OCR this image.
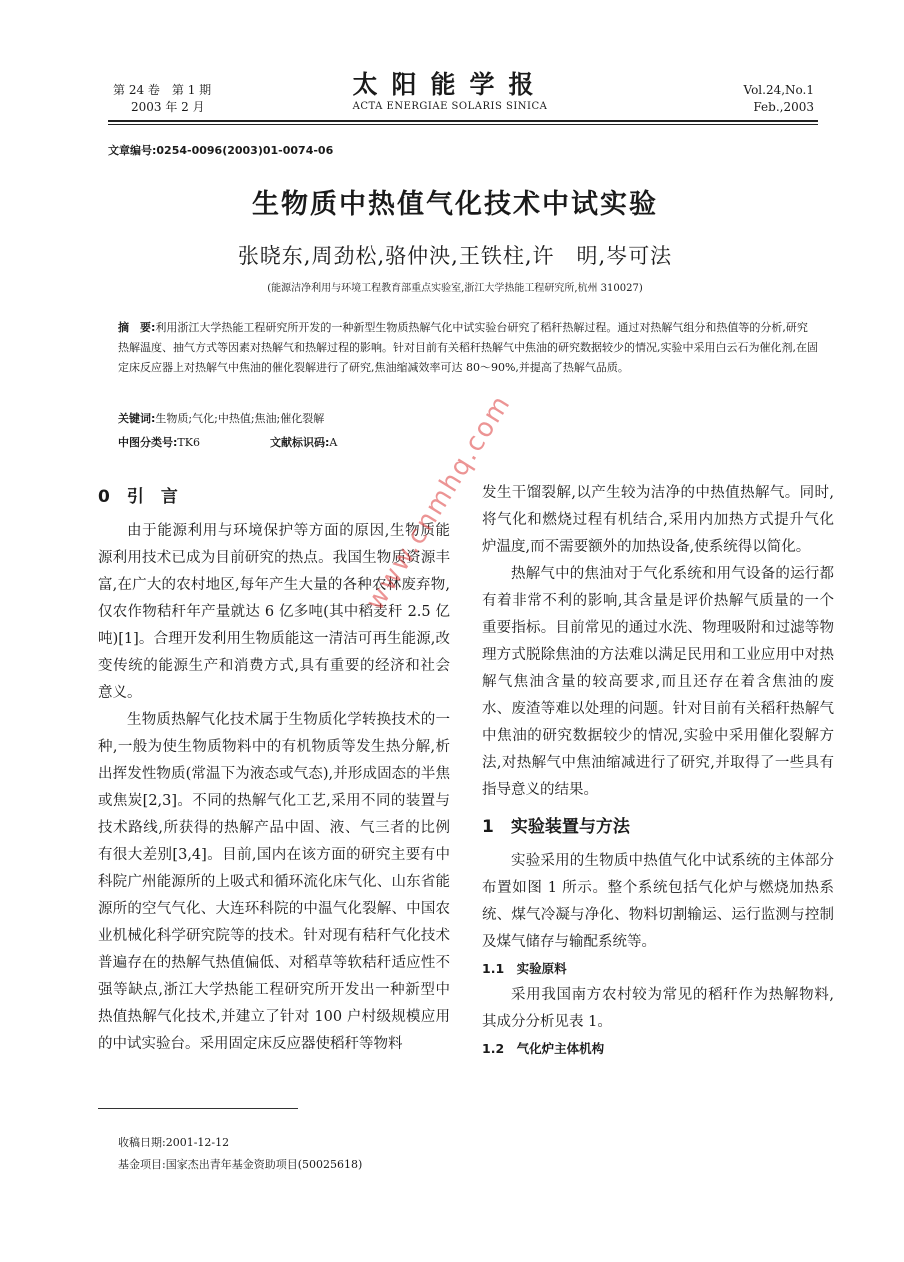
第 24 卷　第 1 期
2003 年 2 月
太阳能学报
ACTA ENERGIAE SOLARIS SINICA
Vol.24,No.1
Feb.,2003
文章编号:0254-0096(2003)01-0074-06
生物质中热值气化技术中试实验
张晓东,周劲松,骆仲泱,王铁柱,许　明,岑可法
(能源洁净利用与环境工程教育部重点实验室,浙江大学热能工程研究所,杭州 310027)
摘　要:利用浙江大学热能工程研究所开发的一种新型生物质热解气化中试实验台研究了稻秆热解过程。通过对热解气组分和热值等的分析,研究热解温度、抽气方式等因素对热解气和热解过程的影响。针对目前有关稻秆热解气中焦油的研究数据较少的情况,实验中采用白云石为催化剂,在固定床反应器上对热解气中焦油的催化裂解进行了研究,焦油缩减效率可达 80～90%,并提高了热解气品质。
关键词:生物质;气化;中热值;焦油;催化裂解
中图分类号:TK6	文献标识码:A
0　引　言

由于能源利用与环境保护等方面的原因,生物质能源利用技术已成为目前研究的热点。我国生物质资源丰富,在广大的农村地区,每年产生大量的各种农林废弃物,仅农作物秸秆年产量就达 6 亿多吨(其中稻麦秆 2.5 亿吨)[1]。合理开发利用生物质能这一清洁可再生能源,改变传统的能源生产和消费方式,具有重要的经济和社会意义。

生物质热解气化技术属于生物质化学转换技术的一种,一般为使生物质物料中的有机物质等发生热分解,析出挥发性物质(常温下为液态或气态),并形成固态的半焦或焦炭[2,3]。不同的热解气化工艺,采用不同的装置与技术路线,所获得的热解产品中固、液、气三者的比例有很大差别[3,4]。目前,国内在该方面的研究主要有中科院广州能源所的上吸式和循环流化床气化、山东省能源所的空气气化、大连环科院的中温气化裂解、中国农业机械化科学研究院等的技术。针对现有秸秆气化技术普遍存在的热解气热值偏低、对稻草等软秸秆适应性不强等缺点,浙江大学热能工程研究所开发出一种新型中热值热解气化技术,并建立了针对 100 户村级规模应用的中试实验台。采用固定床反应器使稻秆等物料

发生干馏裂解,以产生较为洁净的中热值热解气。同时,将气化和燃烧过程有机结合,采用内加热方式提升气化炉温度,而不需要额外的加热设备,使系统得以简化。

热解气中的焦油对于气化系统和用气设备的运行都有着非常不利的影响,其含量是评价热解气质量的一个重要指标。目前常见的通过水洗、物理吸附和过滤等物理方式脱除焦油的方法难以满足民用和工业应用中对热解气焦油含量的较高要求,而且还存在着含焦油的废水、废渣等难以处理的问题。针对目前有关稻秆热解气中焦油的研究数据较少的情况,实验中采用催化裂解方法,对热解气中焦油缩减进行了研究,并取得了一些具有指导意义的结果。

1　实验装置与方法

实验采用的生物质中热值气化中试系统的主体部分布置如图 1 所示。整个系统包括气化炉与燃烧加热系统、煤气冷凝与净化、物料切割输运、运行监测与控制及煤气储存与输配系统等。

1.1　实验原料

采用我国南方农村较为常见的稻秆作为热解物料,其成分分析见表 1。

1.2　气化炉主体机构
收稿日期:2001-12-12
基金项目:国家杰出青年基金资助项目(50025618)
www.cnmhq.com
